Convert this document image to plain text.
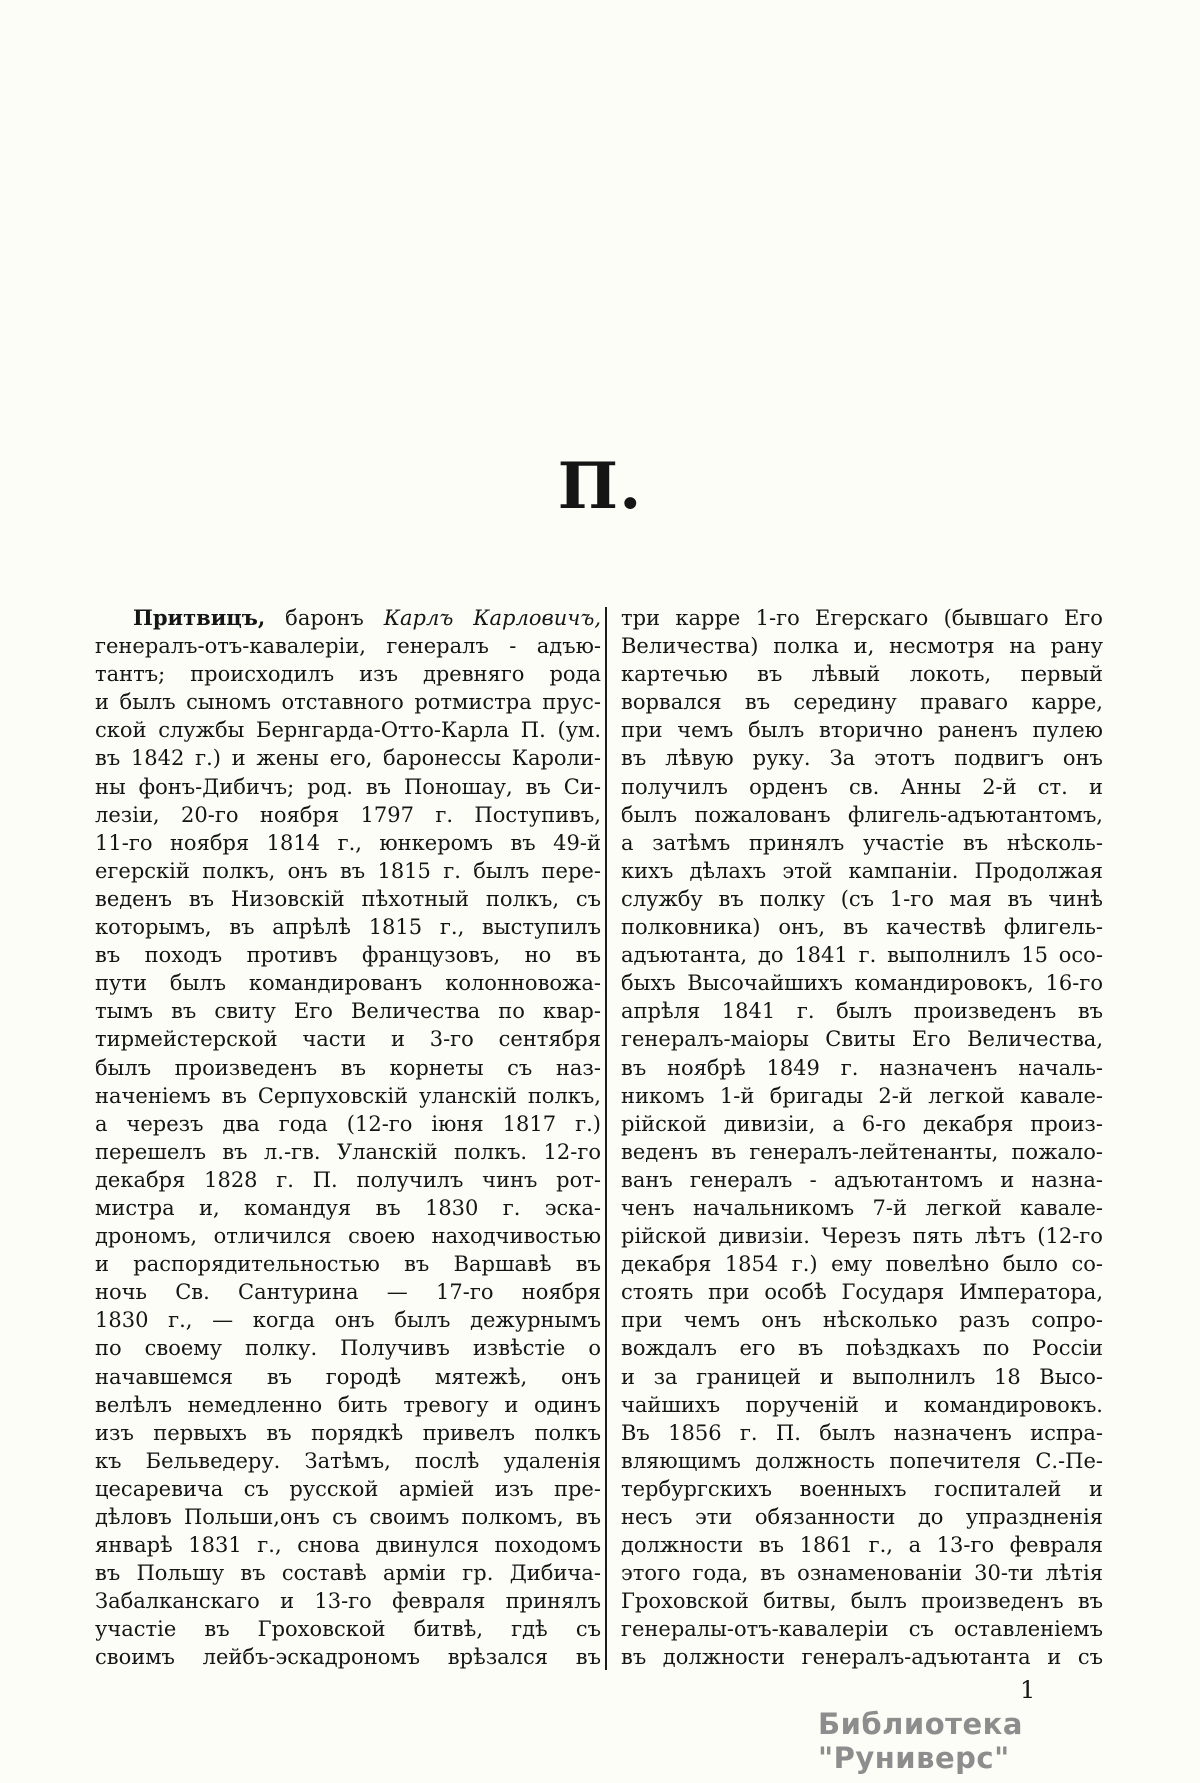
П.
Притвицъ, баронъ Карлъ Карловичъ,
генералъ-отъ-кавалеріи, генералъ - адъю-
тантъ; происходилъ изъ древняго рода
и былъ сыномъ отставного ротмистра прус-
ской службы Бернгарда-Отто-Карла П. (ум.
въ 1842 г.) и жены его, баронессы Кароли-
ны фонъ-Дибичъ; род. въ Поношау, въ Си-
лезіи, 20-го ноября 1797 г. Поступивъ,
11-го ноября 1814 г., юнкеромъ въ 49-й
егерскій полкъ, онъ въ 1815 г. былъ пере-
веденъ въ Низовскій пѣхотный полкъ, съ
которымъ, въ апрѣлѣ 1815 г., выступилъ
въ походъ противъ французовъ, но въ
пути былъ командированъ колонновожа-
тымъ въ свиту Его Величества по квар-
тирмейстерской части и 3-го сентября
былъ произведенъ въ корнеты съ наз-
наченіемъ въ Серпуховскій уланскій полкъ,
а черезъ два года (12-го іюня 1817 г.)
перешелъ въ л.-гв. Уланскій полкъ. 12-го
декабря 1828 г. П. получилъ чинъ рот-
мистра и, командуя въ 1830 г. эска-
дрономъ, отличился своею находчивостью
и распорядительностью въ Варшавѣ въ
ночь Св. Сантурина — 17-го ноября
1830 г., — когда онъ былъ дежурнымъ
по своему полку. Получивъ извѣстіе о
начавшемся въ городѣ мятежѣ, онъ
велѣлъ немедленно бить тревогу и одинъ
изъ первыхъ въ порядкѣ привелъ полкъ
къ Бельведеру. Затѣмъ, послѣ удаленія
цесаревича съ русской арміей изъ пре-
дѣловъ Польши,онъ съ своимъ полкомъ, въ
январѣ 1831 г., снова двинулся походомъ
въ Польшу въ составѣ арміи гр. Дибича-
Забалканскаго и 13-го февраля принялъ
участіе въ Гроховской битвѣ, гдѣ съ
своимъ лейбъ-эскадрономъ врѣзался въ
три карре 1-го Егерскаго (бывшаго Его
Величества) полка и, несмотря на рану
картечью въ лѣвый локоть, первый
ворвался въ середину праваго карре,
при чемъ былъ вторично раненъ пулею
въ лѣвую руку. За этотъ подвигъ онъ
получилъ орденъ св. Анны 2-й ст. и
былъ пожалованъ флигель-адъютантомъ,
а затѣмъ принялъ участіе въ нѣсколь-
кихъ дѣлахъ этой кампаніи. Продолжая
службу въ полку (съ 1-го мая въ чинѣ
полковника) онъ, въ качествѣ флигель-
адъютанта, до 1841 г. выполнилъ 15 осо-
быхъ Высочайшихъ командировокъ, 16-го
апрѣля 1841 г. былъ произведенъ въ
генералъ-маіоры Свиты Его Величества,
въ ноябрѣ 1849 г. назначенъ началь-
никомъ 1-й бригады 2-й легкой кавале-
рійской дивизіи, а 6-го декабря произ-
веденъ въ генералъ-лейтенанты, пожало-
ванъ генералъ - адъютантомъ и назна-
ченъ начальникомъ 7-й легкой кавале-
рійской дивизіи. Черезъ пять лѣтъ (12-го
декабря 1854 г.) ему повелѣно было со-
стоять при особѣ Государя Императора,
при чемъ онъ нѣсколько разъ сопро-
вождалъ его въ поѣздкахъ по Россіи
и за границей и выполнилъ 18 Высо-
чайшихъ порученій и командировокъ.
Въ 1856 г. П. былъ назначенъ испра-
вляющимъ должность попечителя С.-Пе-
тербургскихъ военныхъ госпиталей и
несъ эти обязанности до упраздненія
должности въ 1861 г., а 13-го февраля
этого года, въ ознаменованіи 30-ти лѣтія
Гроховской битвы, былъ произведенъ въ
генералы-отъ-кавалеріи съ оставленіемъ
въ должности генералъ-адъютанта и съ
1
Библиотека "Руниверс"
